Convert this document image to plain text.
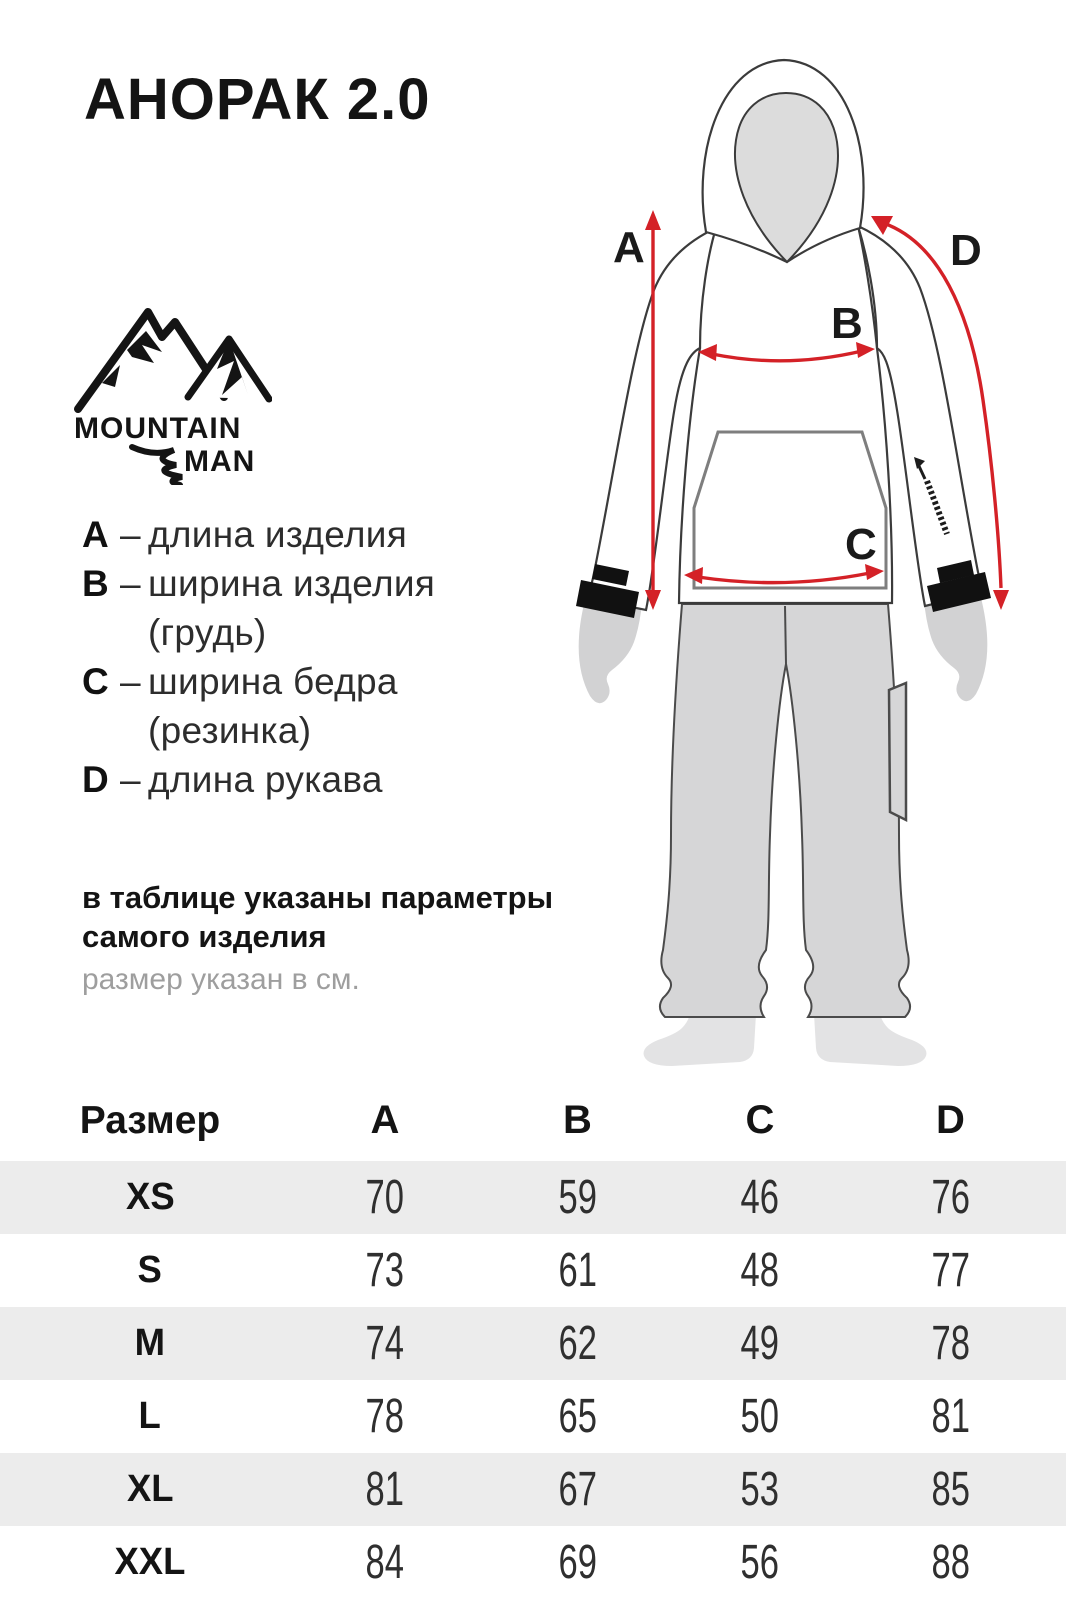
АНОРАК 2.0
MOUNTAIN
MAN
A – длина изделия
B – ширина изделия
(грудь)
C – ширина бедра
(резинка)
D – длина рукава
в таблице указаны параметры
самого изделия
размер указан в см.
A
B
C
D
Размер	A	B	C	D
XS	70	59	46	76
S	73	61	48	77
M	74	62	49	78
L	78	65	50	81
XL	81	67	53	85
XXL	84	69	56	88
